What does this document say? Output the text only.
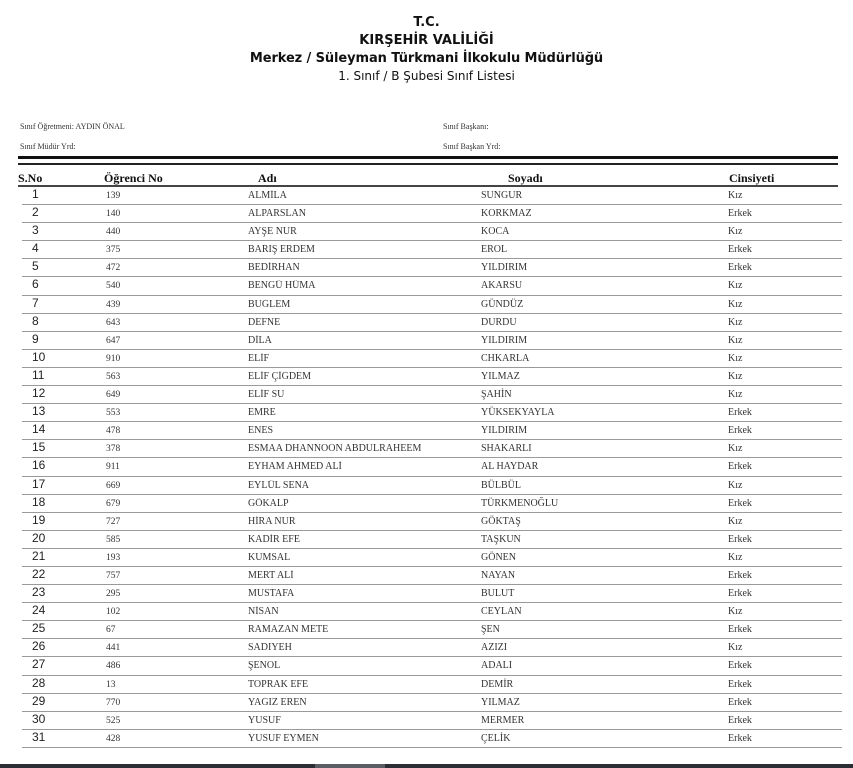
T.C.
KIRŞEHİR VALİLİĞİ
Merkez / Süleyman Türkmani İlkokulu Müdürlüğü
1. Sınıf / B Şubesi Sınıf Listesi
Sınıf Öğretmeni: AYDIN ÖNAL
Sınıf Müdür Yrd:
Sınıf Başkanı:
Sınıf Başkan Yrd:
S.No	Öğrenci No	Adı	Soyadı	Cinsiyeti
1	139	ALMİLA	SUNGUR	Kız
2	140	ALPARSLAN	KORKMAZ	Erkek
3	440	AYŞE NUR	KOCA	Kız
4	375	BARIŞ ERDEM	EROL	Erkek
5	472	BEDİRHAN	YILDIRIM	Erkek
6	540	BENGÜ HÜMA	AKARSU	Kız
7	439	BUĞLEM	GÜNDÜZ	Kız
8	643	DEFNE	DURDU	Kız
9	647	DİLA	YILDIRIM	Kız
10	910	ELİF	CHKARLA	Kız
11	563	ELİF ÇİĞDEM	YILMAZ	Kız
12	649	ELİF SU	ŞAHİN	Kız
13	553	EMRE	YÜKSEKYAYLA	Erkek
14	478	ENES	YILDIRIM	Erkek
15	378	ESMAA DHANNOON ABDULRAHEEM	SHAKARLI	Kız
16	911	EYHAM AHMED ALİ	AL HAYDAR	Erkek
17	669	EYLÜL SENA	BÜLBÜL	Kız
18	679	GÖKALP	TÜRKMENOĞLU	Erkek
19	727	HİRA NUR	GÖKTAŞ	Kız
20	585	KADİR EFE	TAŞKUN	Erkek
21	193	KUMSAL	GÖNEN	Kız
22	757	MERT ALİ	NAYAN	Erkek
23	295	MUSTAFA	BULUT	Erkek
24	102	NİSAN	CEYLAN	Kız
25	67	RAMAZAN METE	ŞEN	Erkek
26	441	SADIYEH	AZIZI	Kız
27	486	ŞENOL	ADALI	Erkek
28	13	TOPRAK EFE	DEMİR	Erkek
29	770	YAĞIZ EREN	YILMAZ	Erkek
30	525	YUSUF	MERMER	Erkek
31	428	YUSUF EYMEN	ÇELİK	Erkek
